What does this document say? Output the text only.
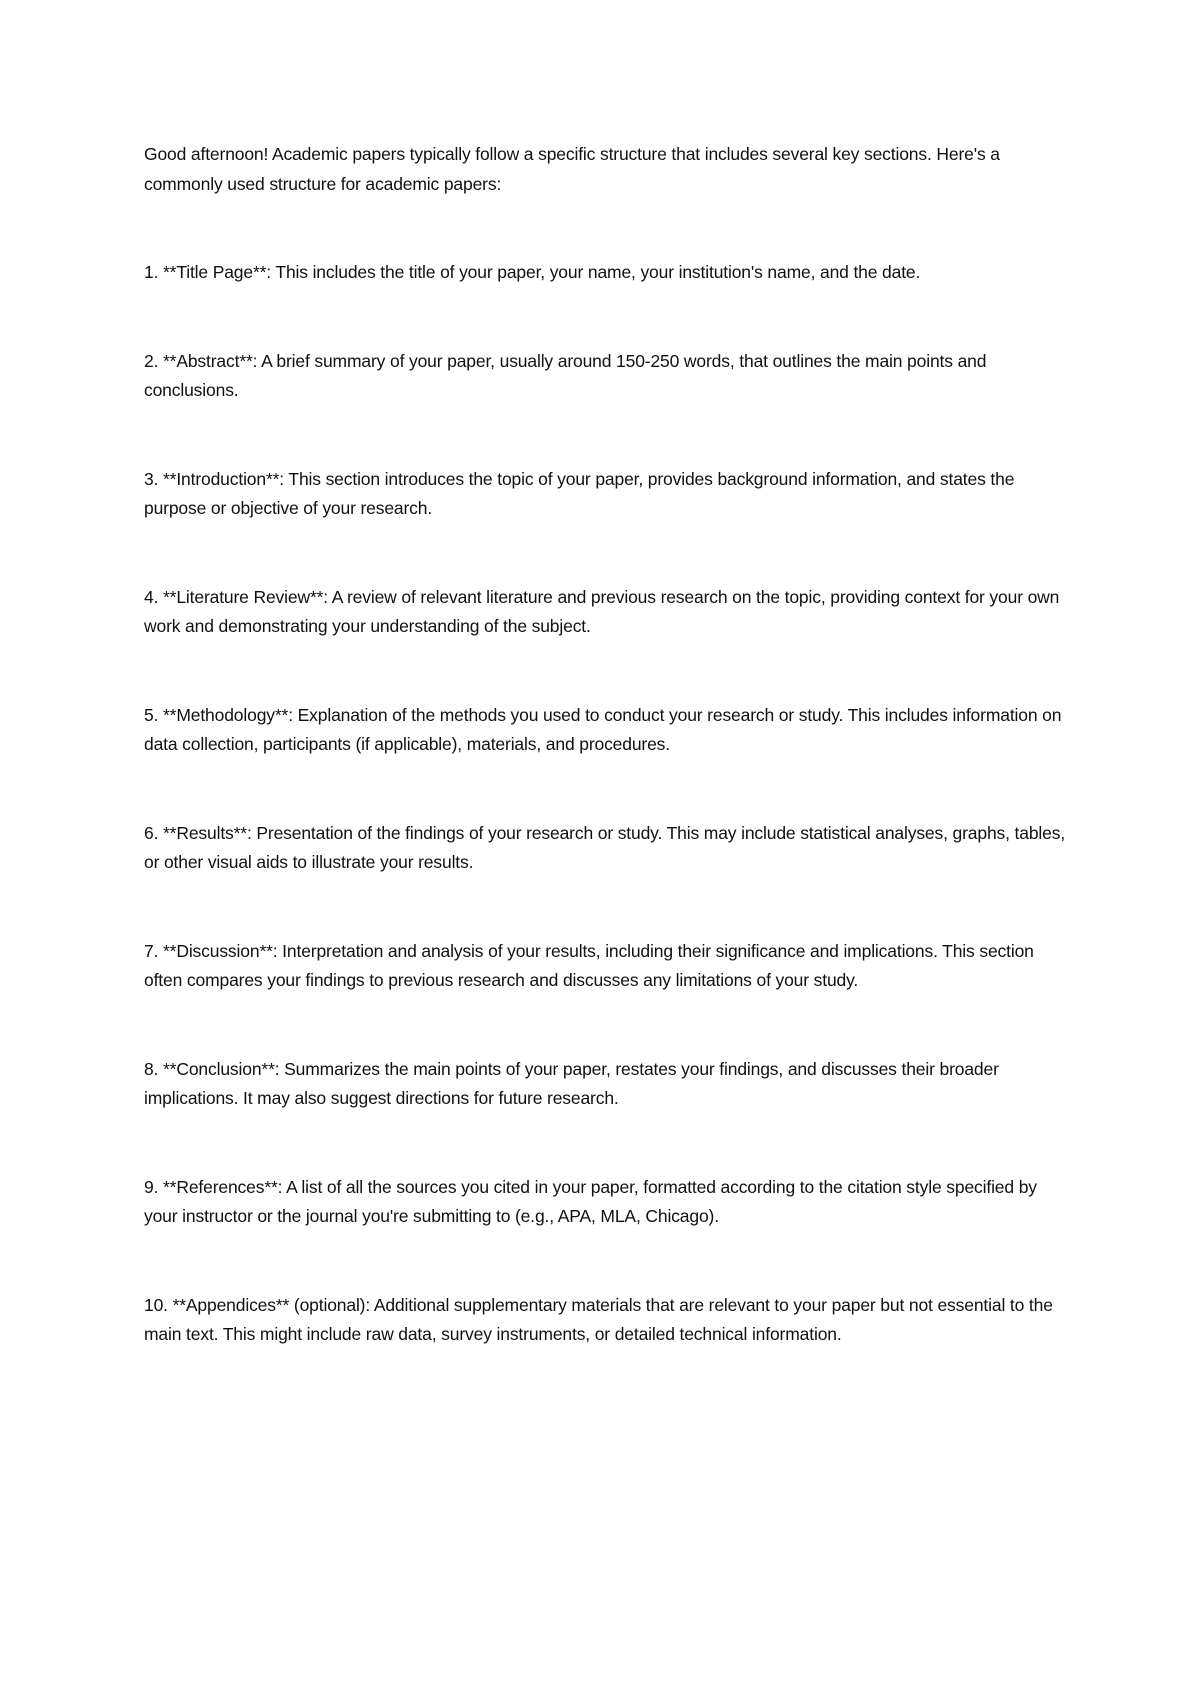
Good afternoon! Academic papers typically follow a specific structure that includes several key sections. Here's a commonly used structure for academic papers:

1. **Title Page**: This includes the title of your paper, your name, your institution's name, and the date.

2. **Abstract**: A brief summary of your paper, usually around 150-250 words, that outlines the main points and conclusions.

3. **Introduction**: This section introduces the topic of your paper, provides background information, and states the purpose or objective of your research.

4. **Literature Review**: A review of relevant literature and previous research on the topic, providing context for your own work and demonstrating your understanding of the subject.

5. **Methodology**: Explanation of the methods you used to conduct your research or study. This includes information on data collection, participants (if applicable), materials, and procedures.

6. **Results**: Presentation of the findings of your research or study. This may include statistical analyses, graphs, tables, or other visual aids to illustrate your results.

7. **Discussion**: Interpretation and analysis of your results, including their significance and implications. This section often compares your findings to previous research and discusses any limitations of your study.

8. **Conclusion**: Summarizes the main points of your paper, restates your findings, and discusses their broader implications. It may also suggest directions for future research.

9. **References**: A list of all the sources you cited in your paper, formatted according to the citation style specified by your instructor or the journal you're submitting to (e.g., APA, MLA, Chicago).

10. **Appendices** (optional): Additional supplementary materials that are relevant to your paper but not essential to the main text. This might include raw data, survey instruments, or detailed technical information.
